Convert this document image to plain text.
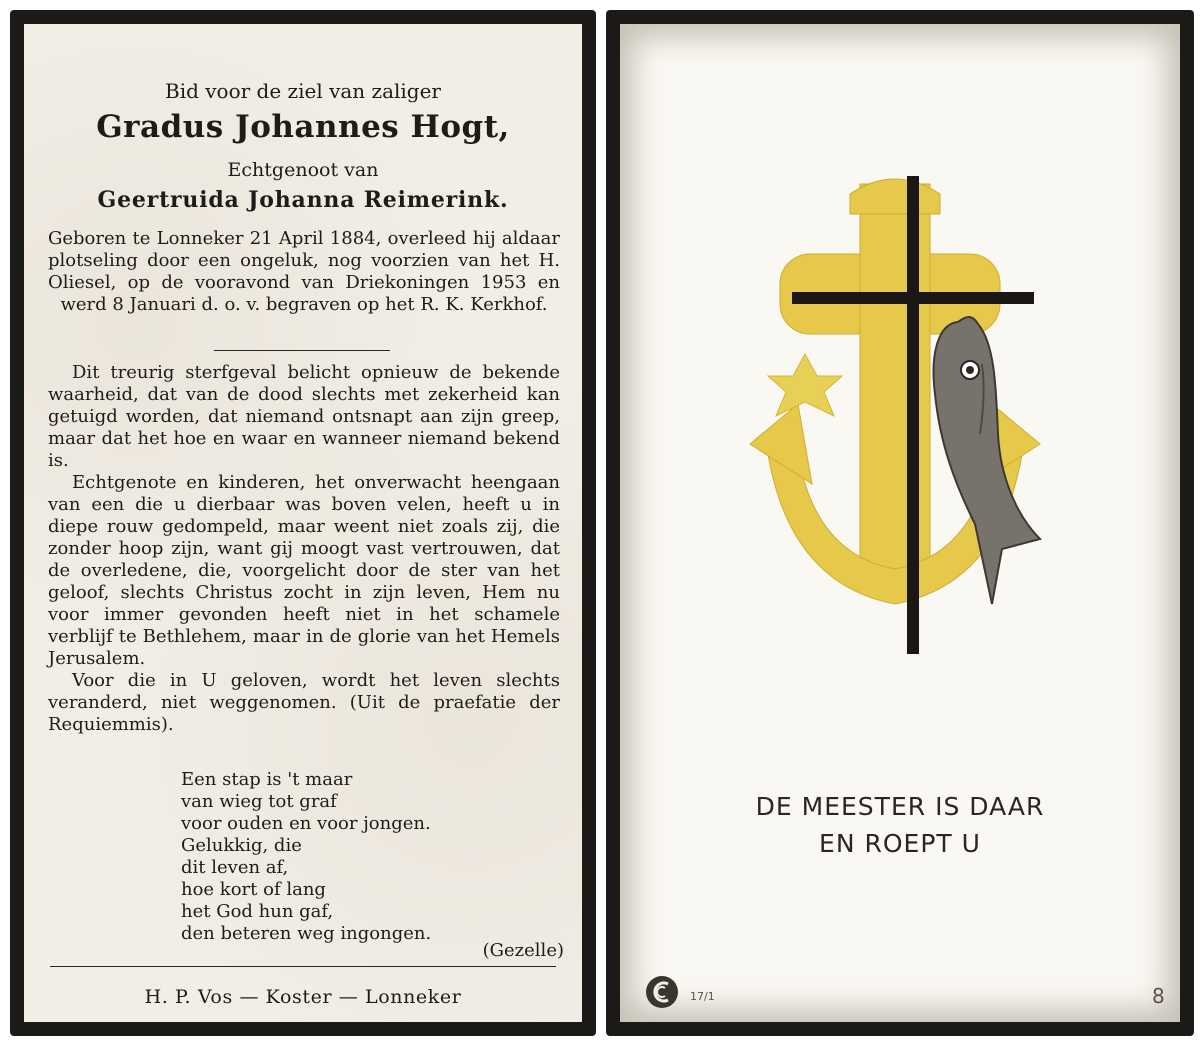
Bid voor de ziel van zaliger
Gradus Johannes Hogt,
Echtgenoot van
Geertruida Johanna Reimerink.
Geboren te Lonneker 21 April 1884, overleed hij aldaar plotseling door een ongeluk, nog voorzien van het H. Oliesel, op de vooravond van Driekoningen 1953 en werd 8 Januari d. o. v. begraven op het R. K. Kerkhof.

Dit treurig sterfgeval belicht opnieuw de bekende waarheid, dat van de dood slechts met zekerheid kan getuigd worden, dat niemand ontsnapt aan zijn greep, maar dat het hoe en waar en wanneer niemand bekend is.

Echtgenote en kinderen, het onverwacht heengaan van een die u dierbaar was boven velen, heeft u in diepe rouw gedompeld, maar weent niet zoals zij, die zonder hoop zijn, want gij moogt vast vertrouwen, dat de overledene, die, voorgelicht door de ster van het geloof, slechts Christus zocht in zijn leven, Hem nu voor immer gevonden heeft niet in het schamele verblijf te Bethlehem, maar in de glorie van het Hemels Jerusalem.

Voor die in U geloven, wordt het leven slechts veranderd, niet weggenomen. (Uit de praefatie der Requiemmis).

Een stap is 't maar
van wieg tot graf
voor ouden en voor jongen.
Gelukkig, die
dit leven af,
hoe kort of lang
het God hun gaf,
den beteren weg ingongen.
(Gezelle)
H. P. Vos — Koster — Lonneker
DE MEESTER IS DAAR
EN ROEPT U
17/1	8
